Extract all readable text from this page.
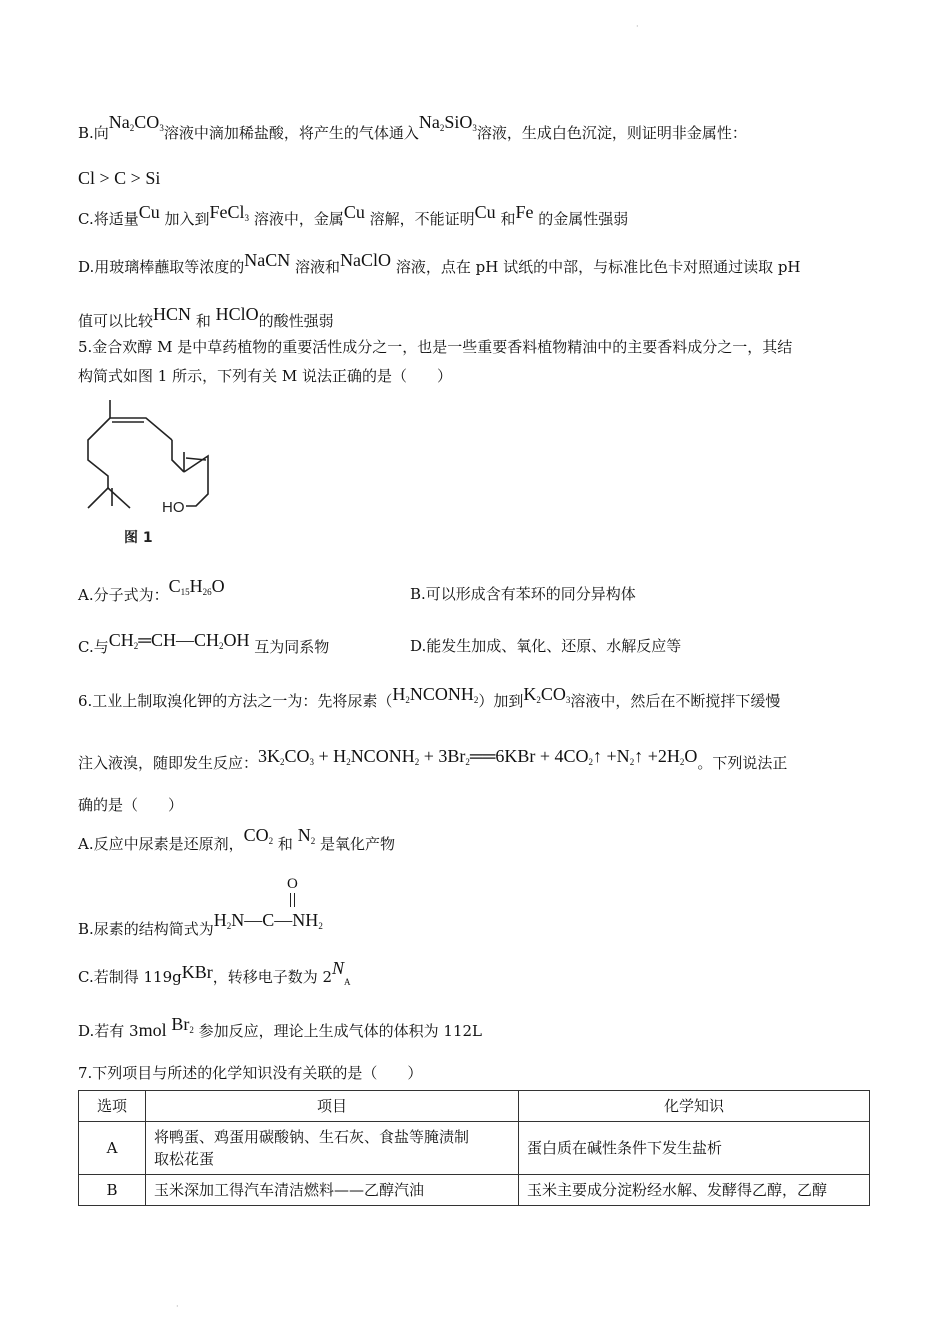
·
B.向$Na_2CO_3$溶液中滴加稀盐酸，将产生的气体通入$Na_2SiO_3$溶液，生成白色沉淀，则证明非金属性：
Cl > C > Si
C.将适量Cu 加入到FeCl$_3$ 溶液中，金属Cu 溶解，不能证明Cu 和Fe 的金属性强弱
D.用玻璃棒蘸取等浓度的NaCN 溶液和NaClO 溶液，点在 pH 试纸的中部，与标准比色卡对照通过读取 pH
值可以比较HCN 和 HClO的酸性强弱
5.金合欢醇 M 是中草药植物的重要活性成分之一，也是一些重要香料植物精油中的主要香料成分之一，其结
构简式如图 1 所示，下列有关 M 说法正确的是（　　）
HO
图 1
A.分子式为：$C_{15}H_{26}O$	B.可以形成含有苯环的同分异构体
C.与$CH_2═CH—CH_2OH$ 互为同系物	D.能发生加成、氧化、还原、水解反应等
6.工业上制取溴化钾的方法之一为：先将尿素$(H_2NCONH_2)$加到$K_2CO_3$溶液中，然后在不断搅拌下缓慢
注入液溴，随即发生反应：$3K_2CO_3$ + $H_2NCONH_2$ + $3Br_2══6KBr$ + $4CO_2↑$ $+N_2↑ +2H_2O$。下列说法正
确的是（　　）
A.反应中尿素是还原剂，$CO_2$ 和 $N_2$ 是氧化产物
O
B.尿素的结构简式为$H_2N—C—NH_2$
C.若制得 119gKBr，转移电子数为 $2N_A$
D.若有 3mol $Br_2$ 参加反应，理论上生成气体的体积为 112L
7.下列项目与所述的化学知识没有关联的是（　　）
选项	项目	化学知识
A	将鸭蛋、鸡蛋用碳酸钠、生石灰、食盐等腌渍制
取松花蛋	蛋白质在碱性条件下发生盐析
B	玉米深加工得汽车清洁燃料——乙醇汽油	玉米主要成分淀粉经水解、发酵得乙醇，乙醇
·
